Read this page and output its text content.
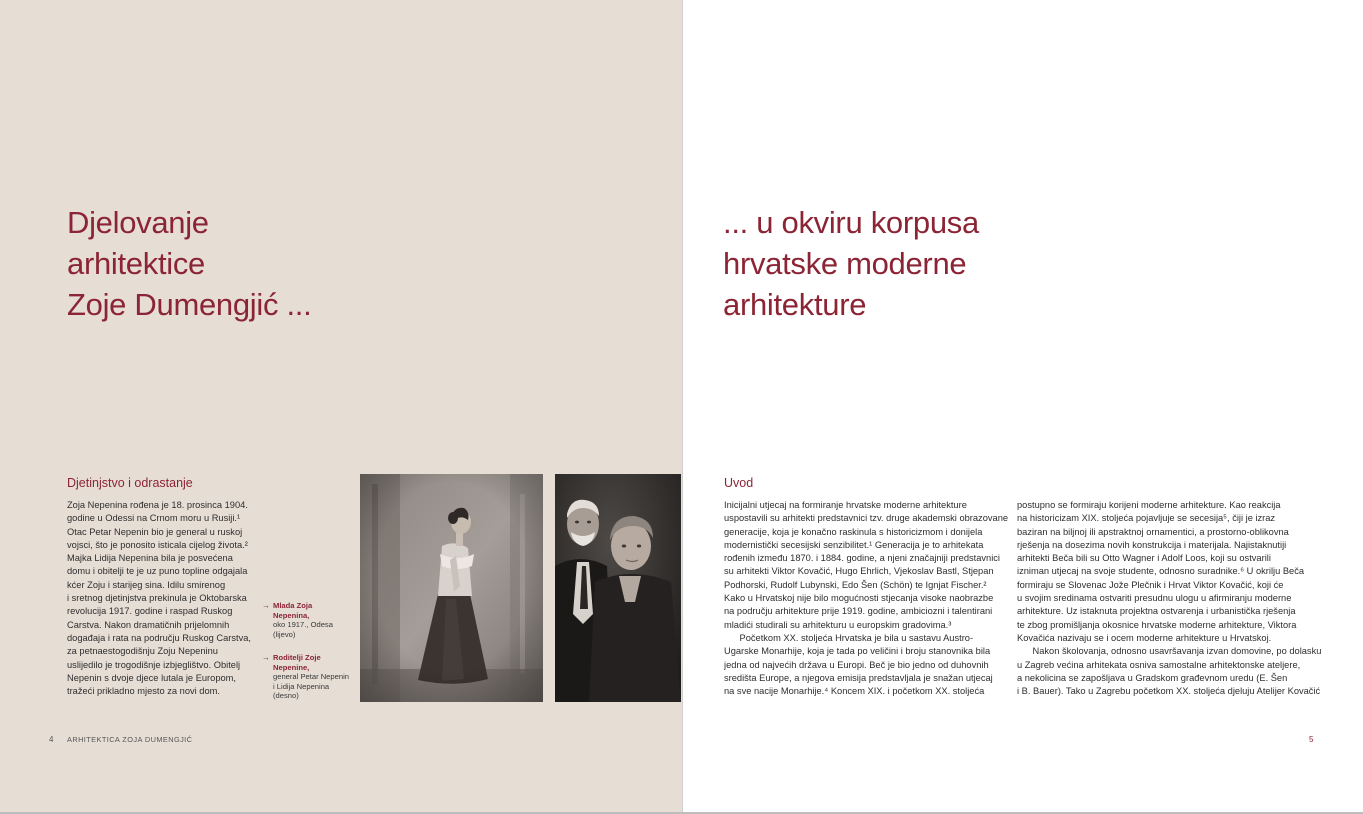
Djelovanje
arhitektice
Zoje Dumengjić ...
Djetinjstvo i odrastanje
Zoja Nepenina rođena je 18. prosinca 1904.
godine u Odessi na Crnom moru u Rusiji.¹
Otac Petar Nepenin bio je general u ruskoj
vojsci, što je ponosito isticala cijelog života.²
Majka Lidija Nepenina bila je posvećena
domu i obitelji te je uz puno topline odgajala
kćer Zoju i starijeg sina. Idilu smirenog
i sretnog djetinjstva prekinula je Oktobarska
revolucija 1917. godine i raspad Ruskog
Carstva. Nakon dramatičnih prijelomnih
događaja i rata na području Ruskog Carstva,
za petnaestogodišnju Zoju Nepeninu
uslijedilo je trogodišnje izbjeglištvo. Obitelj
Nepenin s dvoje djece lutala je Europom,
tražeći prikladno mjesto za novi dom.
→ Mlada Zoja
Nepenina,
oko 1917., Odesa
(lijevo)
→ Roditelji Zoje
Nepenine,
general Petar Nepenin
i Lidija Nepenina
(desno)
4 ARHITEKTICA ZOJA DUMENGJIĆ
... u okviru korpusa
hrvatske moderne
arhitekture
Uvod
Inicijalni utjecaj na formiranje hrvatske moderne arhitekture
uspostavili su arhitekti predstavnici tzv. druge akademski obrazovane
generacije, koja je konačno raskinula s historicizmom i donijela
modernistički secesijski senzibilitet.¹ Generacija je to arhitekata
rođenih između 1870. i 1884. godine, a njeni značajniji predstavnici
su arhitekti Viktor Kovačić, Hugo Ehrlich, Vjekoslav Bastl, Stjepan
Podhorski, Rudolf Lubynski, Edo Šen (Schön) te Ignjat Fischer.²
Kako u Hrvatskoj nije bilo mogućnosti stjecanja visoke naobrazbe
na području arhitekture prije 1919. godine, ambiciozni i talentirani
mladići studirali su arhitekturu u europskim gradovima.³
Početkom XX. stoljeća Hrvatska je bila u sastavu Austro-
Ugarske Monarhije, koja je tada po veličini i broju stanovnika bila
jedna od najvećih država u Europi. Beč je bio jedno od duhovnih
središta Europe, a njegova emisija predstavljala je snažan utjecaj
na sve nacije Monarhije.⁴ Koncem XIX. i početkom XX. stoljeća
postupno se formiraju korijeni moderne arhitekture. Kao reakcija
na historicizam XIX. stoljeća pojavljuje se secesija⁵, čiji je izraz
baziran na biljnoj ili apstraktnoj ornamentici, a prostorno-oblikovna
rješenja na dosezima novih konstrukcija i materijala. Najistaknutiji
arhitekti Beča bili su Otto Wagner i Adolf Loos, koji su ostvarili
izniman utjecaj na svoje studente, odnosno suradnike.⁶ U okrilju Beča
formiraju se Slovenac Jože Plečnik i Hrvat Viktor Kovačić, koji će
u svojim sredinama ostvariti presudnu ulogu u afirmiranju moderne
arhitekture. Uz istaknuta projektna ostvarenja i urbanistička rješenja
te zbog promišljanja okosnice hrvatske moderne arhitekture, Viktora
Kovačića nazivaju se i ocem moderne arhitekture u Hrvatskoj.
Nakon školovanja, odnosno usavršavanja izvan domovine, po dolasku
u Zagreb većina arhitekata osniva samostalne arhitektonske ateljere,
a nekolicina se zapošljava u Gradskom građevnom uredu (E. Šen
i B. Bauer). Tako u Zagrebu početkom XX. stoljeća djeluju Atelijer Kovačić
5
